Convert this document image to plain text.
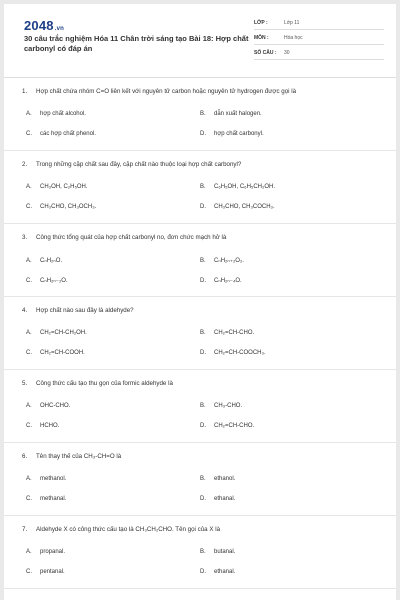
2048.vn
30 câu trắc nghiệm Hóa 11 Chân trời sáng tạo Bài 18: Hợp chất carbonyl có đáp án
LỚP :	Lớp 11
MÔN :	Hóa học
SỐ CÂU : 30
1. Hợp chất chứa nhóm C=O liên kết với nguyên tử carbon hoặc nguyên tử hydrogen được gọi là
A. hợp chất alcohol.	B. dẫn xuất halogen.
C. các hợp chất phenol.	D. hợp chất carbonyl.
2. Trong những cặp chất sau đây, cặp chất nào thuộc loại hợp chất carbonyl?
A. CH₃OH, C₂H₅OH.	B. C₆H₅OH, C₆H₅CH₂OH.
C. CH₃CHO, CH₃OCH₃.	D. CH₃CHO, CH₃COCH₃.
3. Công thức tổng quát của hợp chất carbonyl no, đơn chức mạch hở là
A. CₙH₂ₙO.	B. CₙH₂ₙ₊₂O₂.
C. CₙH₂ₙ₋₂O.	D. CₙH₂ₙ₋₄O.
4. Hợp chất nào sau đây là aldehyde?
A. CH₂=CH-CH₂OH.	B. CH₂=CH-CHO.
C. CH₂=CH-COOH.	D. CH₂=CH-COOCH₃.
5. Công thức cấu tạo thu gọn của formic aldehyde là
A. OHC-CHO.	B. CH₃-CHO.
C. HCHO.	D. CH₂=CH-CHO.
6. Tên thay thế của CH₃-CH=O là
A. methanol.	B. ethanol.
C. methanal.	D. ethanal.
7. Aldehyde X có công thức cấu tạo là CH₃CH₂CHO. Tên gọi của X là
A. propanal.	B. butanal.
C. pentanal.	D. ethanal.
